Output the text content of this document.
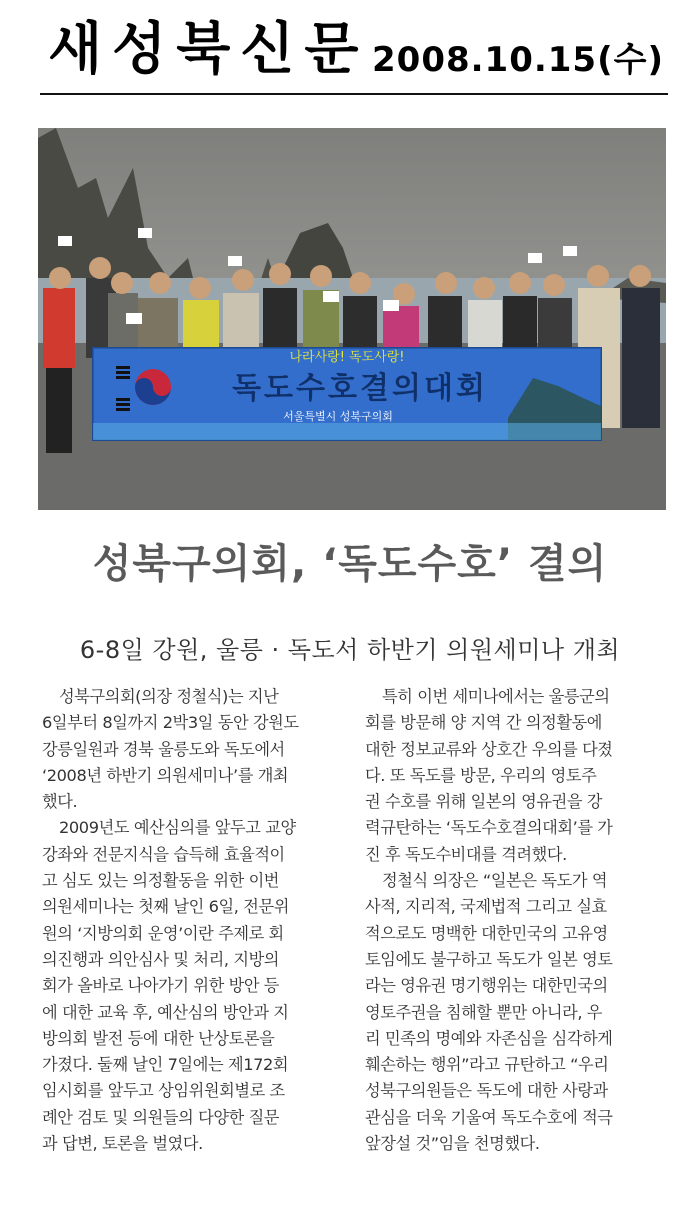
새성북신문 2008.10.15(수)
나라사랑! 독도사랑!
독도수호결의대회
서울특별시 성북구의회
성북구의회, ‘독도수호’ 결의
6-8일 강원, 울릉 · 독도서 하반기 의원세미나 개최

성북구의회(의장 정철식)는 지난
6일부터 8일까지 2박3일 동안 강원도
강릉일원과 경북 울릉도와 독도에서
‘2008년 하반기 의원세미나’를 개최
했다.

2009년도 예산심의를 앞두고 교양
강좌와 전문지식을 습득해 효율적이
고 심도 있는 의정활동을 위한 이번
의원세미나는 첫째 날인 6일, 전문위
원의 ‘지방의회 운영’이란 주제로 회
의진행과 의안심사 및 처리, 지방의
회가 올바로 나아가기 위한 방안 등
에 대한 교육 후, 예산심의 방안과 지
방의회 발전 등에 대한 난상토론을
가졌다. 둘째 날인 7일에는 제172회
임시회를 앞두고 상임위원회별로 조
례안 검토 및 의원들의 다양한 질문
과 답변, 토론을 벌였다.

특히 이번 세미나에서는 울릉군의
회를 방문해 양 지역 간 의정활동에
대한 정보교류와 상호간 우의를 다졌
다. 또 독도를 방문, 우리의 영토주
권 수호를 위해 일본의 영유권을 강
력규탄하는 ‘독도수호결의대회’를 가
진 후 독도수비대를 격려했다.

정철식 의장은 “일본은 독도가 역
사적, 지리적, 국제법적 그리고 실효
적으로도 명백한 대한민국의 고유영
토임에도 불구하고 독도가 일본 영토
라는 영유권 명기행위는 대한민국의
영토주권을 침해할 뿐만 아니라, 우
리 민족의 명예와 자존심을 심각하게
훼손하는 행위”라고 규탄하고 “우리
성북구의원들은 독도에 대한 사랑과
관심을 더욱 기울여 독도수호에 적극
앞장설 것”임을 천명했다.
